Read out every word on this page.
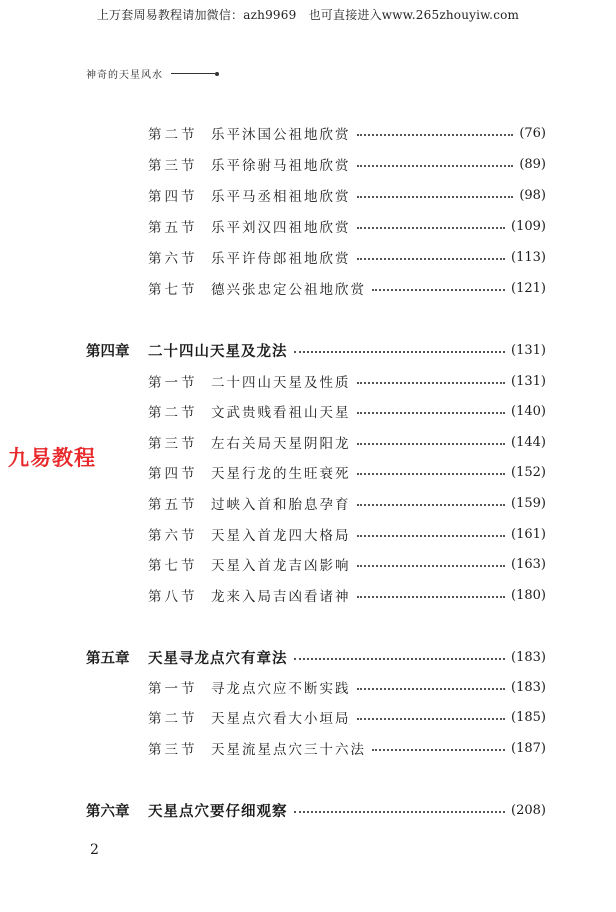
上万套周易教程请加微信：azh9969　也可直接进入www.265zhouyiw.com
神奇的天星风水
第二节	乐平沐国公祖地欣赏	(76)
第三节	乐平徐驸马祖地欣赏	(89)
第四节	乐平马丞相祖地欣赏	(98)
第五节	乐平刘汉四祖地欣赏	(109)
第六节	乐平许侍郎祖地欣赏	(113)
第七节	德兴张忠定公祖地欣赏	(121)
第四章	二十四山天星及龙法	(131)
第一节	二十四山天星及性质	(131)
第二节	文武贵贱看祖山天星	(140)
第三节	左右关局天星阴阳龙	(144)
第四节	天星行龙的生旺衰死	(152)
第五节	过峡入首和胎息孕育	(159)
第六节	天星入首龙四大格局	(161)
第七节	天星入首龙吉凶影响	(163)
第八节	龙来入局吉凶看诸神	(180)
第五章	天星寻龙点穴有章法	(183)
第一节	寻龙点穴应不断实践	(183)
第二节	天星点穴看大小垣局	(185)
第三节	天星流星点穴三十六法	(187)
第六章	天星点穴要仔细观察	(208)
九易教程
2
